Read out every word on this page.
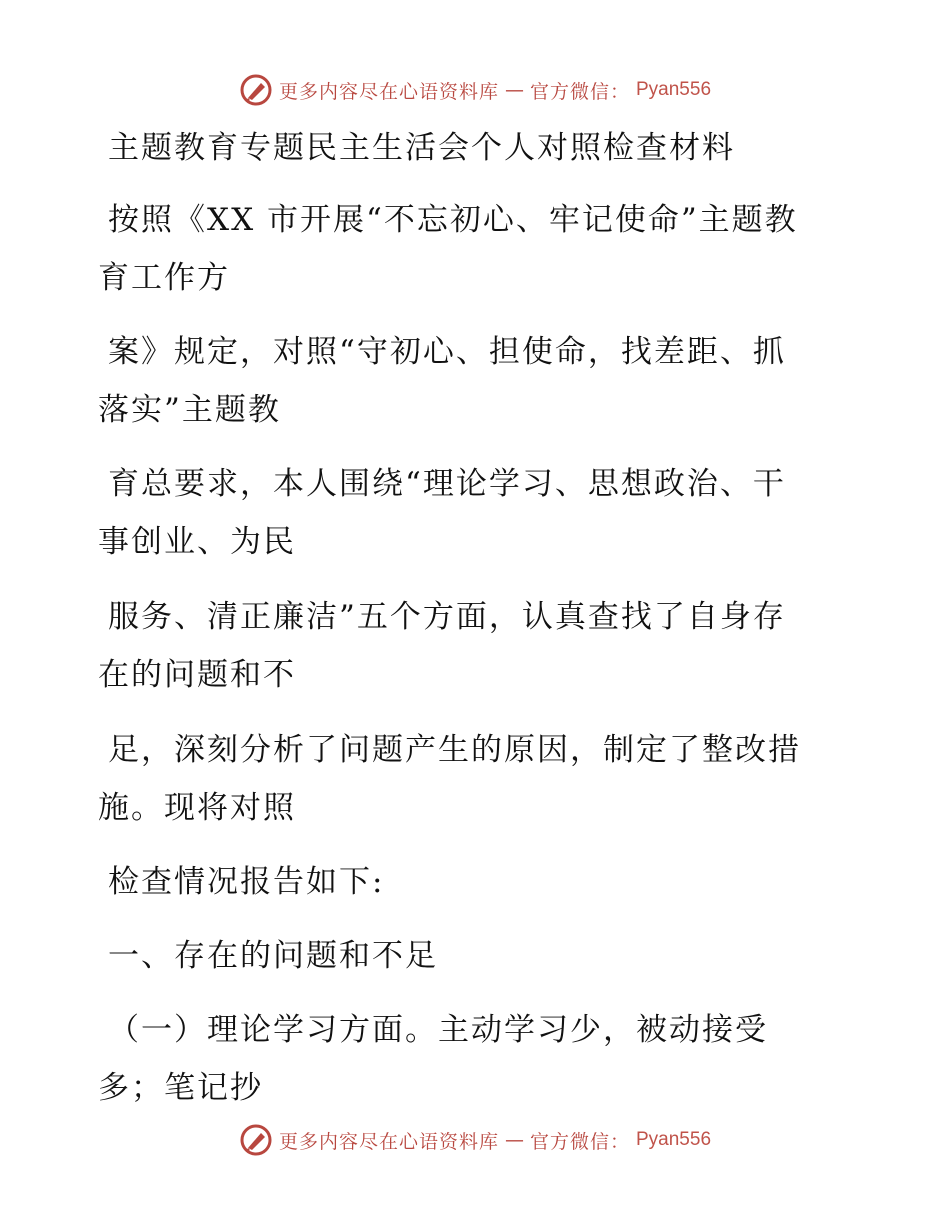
更多内容尽在心语资料库 — 官方微信： Pyan556
主题教育专题民主生活会个人对照检查材料
按照《XX 市开展“不忘初心、牢记使命”主题教
育工作方
案》规定，对照“守初心、担使命，找差距、抓
落实”主题教
育总要求，本人围绕“理论学习、思想政治、干
事创业、为民
服务、清正廉洁”五个方面，认真查找了自身存
在的问题和不
足，深刻分析了问题产生的原因，制定了整改措
施。现将对照
检查情况报告如下:
一、存在的问题和不足
（一）理论学习方面。主动学习少，被动接受
多；笔记抄
更多内容尽在心语资料库 — 官方微信： Pyan556
